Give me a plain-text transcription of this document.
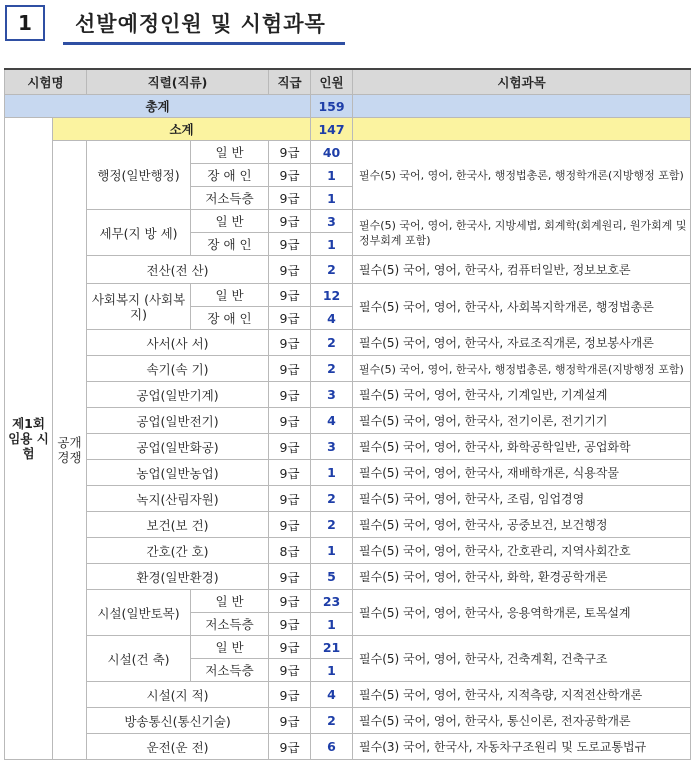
1	선발예정인원 및 시험과목
시험명		직렬(직류)		직급	인원	시험과목
총계					159	
제1회 임용 시험	소계				147	
	공개 경쟁	행정(일반행정)	일 반	9급	40	필수(5) 국어, 영어, 한국사, 행정법총론, 행정학개론(지방행정 포함)
			장 애 인	9급	1	
			저소득층	9급	1	
		세무(지 방 세)	일 반	9급	3	필수(5) 국어, 영어, 한국사, 지방세법, 회계학(회계원리, 원가회계 및 정부회계 포함)
			장 애 인	9급	1	
		전산(전 산)		9급	2	필수(5) 국어, 영어, 한국사, 컴퓨터일반, 정보보호론
		사회복지 (사회복지)	일 반	9급	12	필수(5) 국어, 영어, 한국사, 사회복지학개론, 행정법총론
			장 애 인	9급	4	
		사서(사 서)		9급	2	필수(5) 국어, 영어, 한국사, 자료조직개론, 정보봉사개론
		속기(속 기)		9급	2	필수(5) 국어, 영어, 한국사, 행정법총론, 행정학개론(지방행정 포함)
		공업(일반기계)		9급	3	필수(5) 국어, 영어, 한국사, 기계일반, 기계설계
		공업(일반전기)		9급	4	필수(5) 국어, 영어, 한국사, 전기이론, 전기기기
		공업(일반화공)		9급	3	필수(5) 국어, 영어, 한국사, 화학공학일반, 공업화학
		농업(일반농업)		9급	1	필수(5) 국어, 영어, 한국사, 재배학개론, 식용작물
		녹지(산림자원)		9급	2	필수(5) 국어, 영어, 한국사, 조림, 임업경영
		보건(보 건)		9급	2	필수(5) 국어, 영어, 한국사, 공중보건, 보건행정
		간호(간 호)		8급	1	필수(5) 국어, 영어, 한국사, 간호관리, 지역사회간호
		환경(일반환경)		9급	5	필수(5) 국어, 영어, 한국사, 화학, 환경공학개론
		시설(일반토목)	일 반	9급	23	필수(5) 국어, 영어, 한국사, 응용역학개론, 토목설계
			저소득층	9급	1	
		시설(건 축)	일 반	9급	21	필수(5) 국어, 영어, 한국사, 건축계획, 건축구조
			저소득층	9급	1	
		시설(지 적)		9급	4	필수(5) 국어, 영어, 한국사, 지적측량, 지적전산학개론
		방송통신(통신기술)		9급	2	필수(5) 국어, 영어, 한국사, 통신이론, 전자공학개론
		운전(운 전)		9급	6	필수(3) 국어, 한국사, 자동차구조원리 및 도로교통법규
